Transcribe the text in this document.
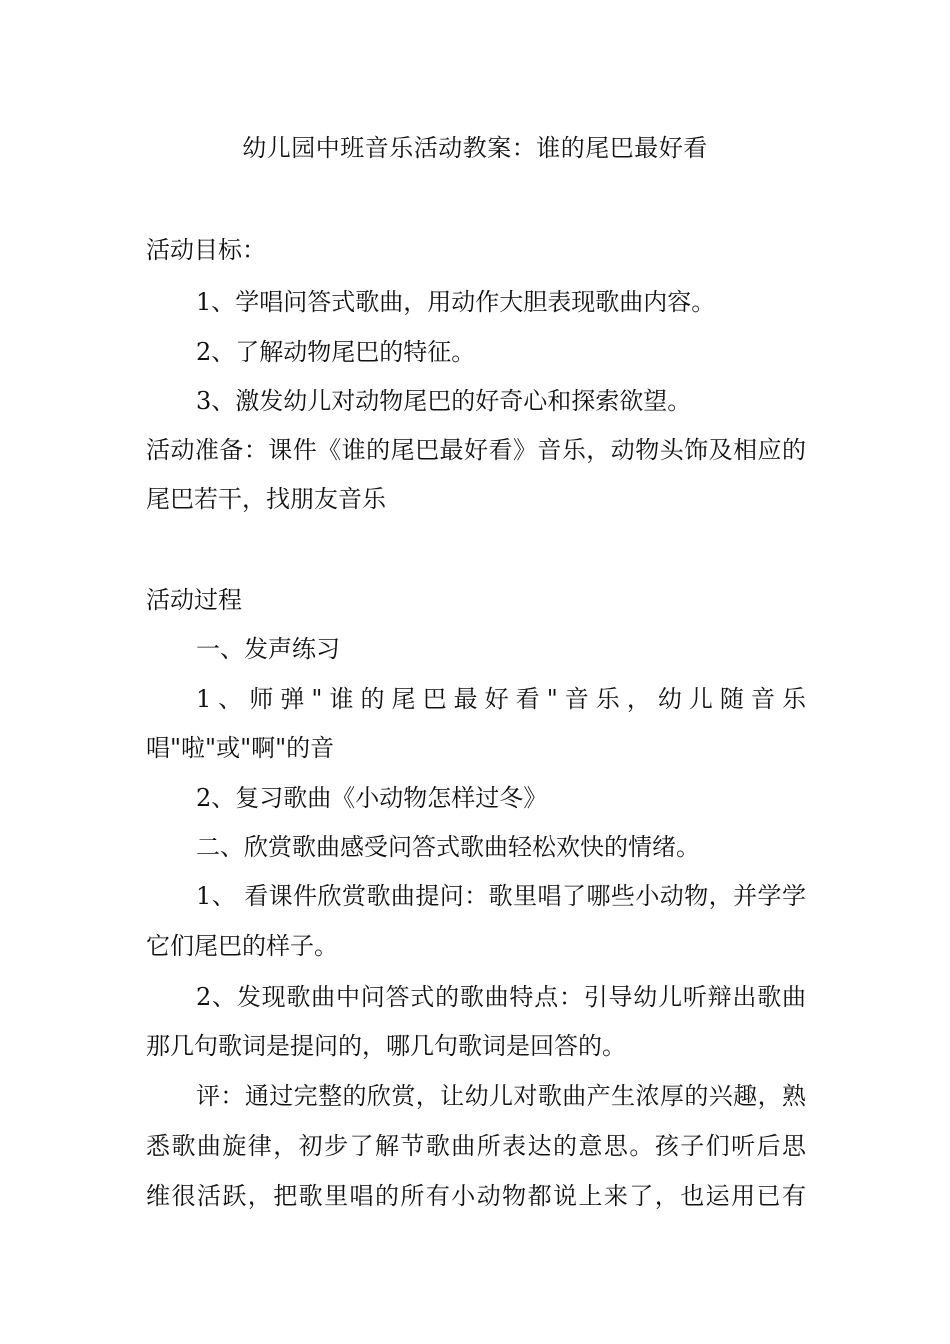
幼儿园中班音乐活动教案：谁的尾巴最好看
活动目标：
1、学唱问答式歌曲，用动作大胆表现歌曲内容。
2、了解动物尾巴的特征。
3、激发幼儿对动物尾巴的好奇心和探索欲望。
活动准备：课件《谁的尾巴最好看》音乐，动物头饰及相应的
尾巴若干，找朋友音乐
活动过程
一、发声练习
1、师弹"谁的尾巴最好看"音乐，幼儿随音乐
唱"啦"或"啊"的音
2、复习歌曲《小动物怎样过冬》
二、欣赏歌曲感受问答式歌曲轻松欢快的情绪。
1、 看课件欣赏歌曲提问：歌里唱了哪些小动物，并学学
它们尾巴的样子。
2、发现歌曲中问答式的歌曲特点：引导幼儿听辩出歌曲
那几句歌词是提问的，哪几句歌词是回答的。
评：通过完整的欣赏，让幼儿对歌曲产生浓厚的兴趣，熟
悉歌曲旋律，初步了解节歌曲所表达的意思。孩子们听后思
维很活跃，把歌里唱的所有小动物都说上来了，也运用已有
